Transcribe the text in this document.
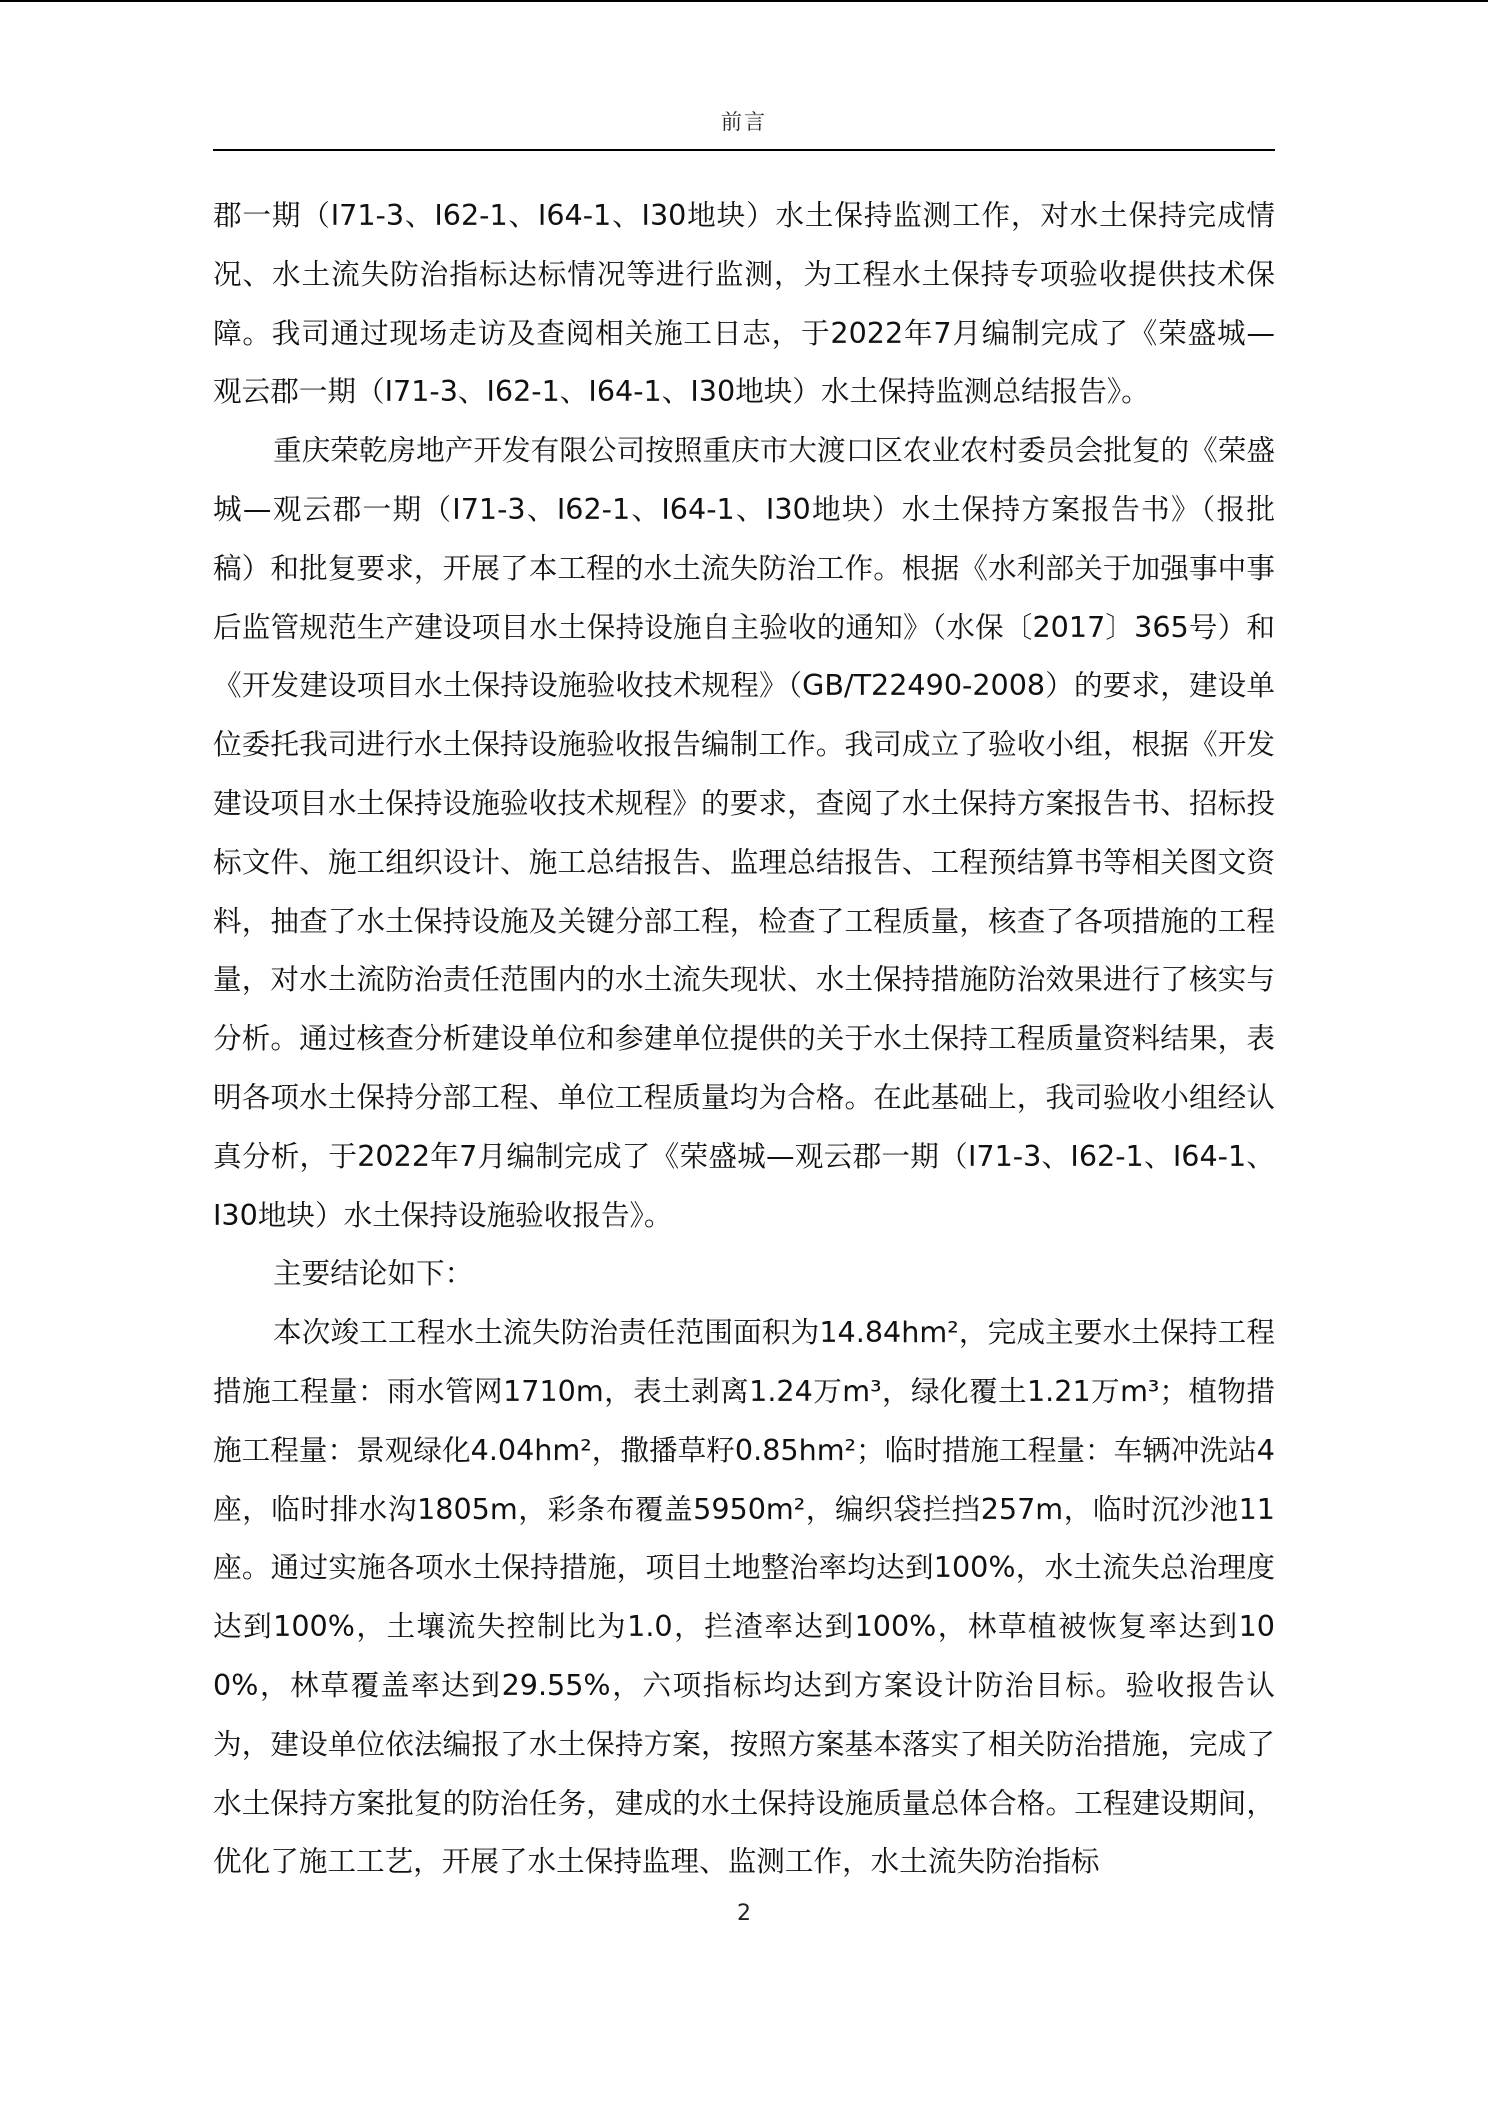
前言

郡一期（I71-3、I62-1、I64-1、I30地块）水土保持监测工作，对水土保持完成情况、水土流失防治指标达标情况等进行监测，为工程水土保持专项验收提供技术保障。我司通过现场走访及查阅相关施工日志，于2022年7月编制完成了《荣盛城—观云郡一期（I71-3、I62-1、I64-1、I30地块）水土保持监测总结报告》。

重庆荣乾房地产开发有限公司按照重庆市大渡口区农业农村委员会批复的《荣盛城—观云郡一期（I71-3、I62-1、I64-1、I30地块）水土保持方案报告书》（报批稿）和批复要求，开展了本工程的水土流失防治工作。根据《水利部关于加强事中事后监管规范生产建设项目水土保持设施自主验收的通知》（水保〔2017〕365号）和《开发建设项目水土保持设施验收技术规程》（GB/T22490-2008）的要求，建设单位委托我司进行水土保持设施验收报告编制工作。我司成立了验收小组，根据《开发建设项目水土保持设施验收技术规程》的要求，查阅了水土保持方案报告书、招标投标文件、施工组织设计、施工总结报告、监理总结报告、工程预结算书等相关图文资料，抽查了水土保持设施及关键分部工程，检查了工程质量，核查了各项措施的工程量，对水土流防治责任范围内的水土流失现状、水土保持措施防治效果进行了核实与分析。通过核查分析建设单位和参建单位提供的关于水土保持工程质量资料结果，表明各项水土保持分部工程、单位工程质量均为合格。在此基础上，我司验收小组经认真分析，于2022年7月编制完成了《荣盛城—观云郡一期（I71-3、I62-1、I64-1、I30地块）水土保持设施验收报告》。

主要结论如下：

本次竣工工程水土流失防治责任范围面积为14.84hm²，完成主要水土保持工程措施工程量：雨水管网1710m，表土剥离1.24万m³，绿化覆土1.21万m³；植物措施工程量：景观绿化4.04hm²，撒播草籽0.85hm²；临时措施工程量：车辆冲洗站4座，临时排水沟1805m，彩条布覆盖5950m²，编织袋拦挡257m，临时沉沙池11座。通过实施各项水土保持措施，项目土地整治率均达到100%，水土流失总治理度达到100%，土壤流失控制比为1.0，拦渣率达到100%，林草植被恢复率达到100%，林草覆盖率达到29.55%，六项指标均达到方案设计防治目标。验收报告认为，建设单位依法编报了水土保持方案，按照方案基本落实了相关防治措施，完成了水土保持方案批复的防治任务，建成的水土保持设施质量总体合格。工程建设期间，优化了施工工艺，开展了水土保持监理、监测工作，水土流失防治指标

2
